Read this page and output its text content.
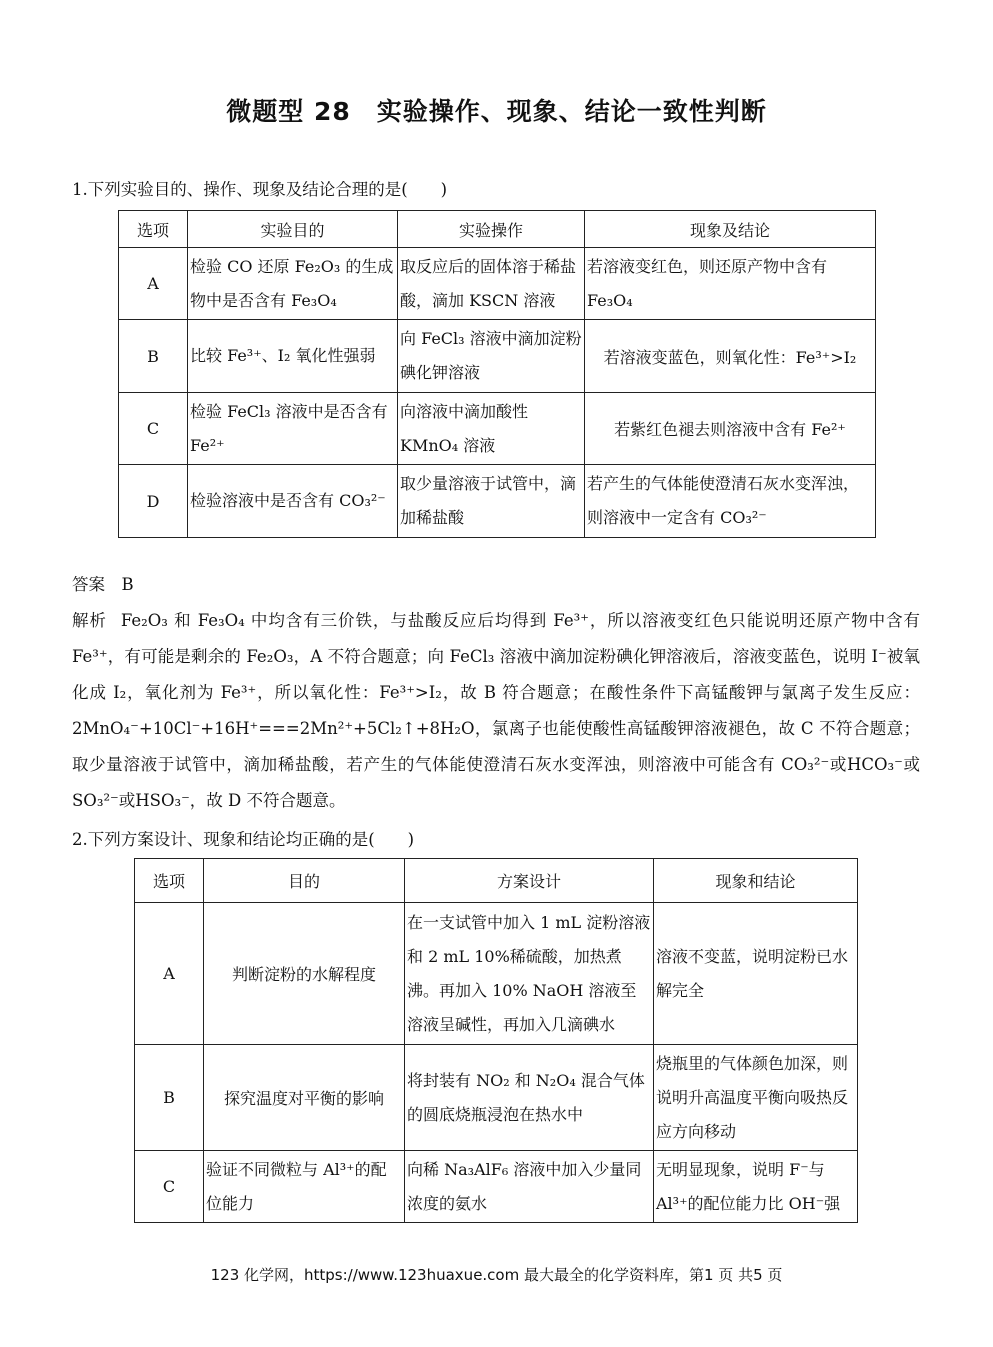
微题型 28　实验操作、现象、结论一致性判断
1.下列实验目的、操作、现象及结论合理的是(　　)
选项	实验目的	实验操作	现象及结论
A	检验 CO 还原 Fe₂O₃ 的生成物中是否含有 Fe₃O₄	取反应后的固体溶于稀盐酸，滴加 KSCN 溶液	若溶液变红色，则还原产物中含有 Fe₃O₄
B	比较 Fe³⁺、I₂ 氧化性强弱	向 FeCl₃ 溶液中滴加淀粉碘化钾溶液	若溶液变蓝色，则氧化性：Fe³⁺>I₂
C	检验 FeCl₃ 溶液中是否含有 Fe²⁺	向溶液中滴加酸性 KMnO₄ 溶液	若紫红色褪去则溶液中含有 Fe²⁺
D	检验溶液中是否含有 CO₃²⁻	取少量溶液于试管中，滴加稀盐酸	若产生的气体能使澄清石灰水变浑浊，则溶液中一定含有 CO₃²⁻
答案　B
解析 Fe₂O₃ 和 Fe₃O₄ 中均含有三价铁，与盐酸反应后均得到 Fe³⁺，所以溶液变红色只能说明还原产物中含有 Fe³⁺，有可能是剩余的 Fe₂O₃，A 不符合题意；向 FeCl₃ 溶液中滴加淀粉碘化钾溶液后，溶液变蓝色，说明 I⁻被氧化成 I₂，氧化剂为 Fe³⁺，所以氧化性：Fe³⁺>I₂，故 B 符合题意；在酸性条件下高锰酸钾与氯离子发生反应：2MnO₄⁻+10Cl⁻+16H⁺===2Mn²⁺+5Cl₂↑+8H₂O，氯离子也能使酸性高锰酸钾溶液褪色，故 C 不符合题意；取少量溶液于试管中，滴加稀盐酸，若产生的气体能使澄清石灰水变浑浊，则溶液中可能含有 CO₃²⁻或HCO₃⁻或SO₃²⁻或HSO₃⁻，故 D 不符合题意。
2.下列方案设计、现象和结论均正确的是(　　)
选项	目的	方案设计	现象和结论
A	判断淀粉的水解程度	在一支试管中加入 1 mL 淀粉溶液和 2 mL 10%稀硫酸，加热煮沸。再加入 10% NaOH 溶液至溶液呈碱性，再加入几滴碘水	溶液不变蓝，说明淀粉已水解完全
B	探究温度对平衡的影响	将封装有 NO₂ 和 N₂O₄ 混合气体的圆底烧瓶浸泡在热水中	烧瓶里的气体颜色加深，则说明升高温度平衡向吸热反应方向移动
C	验证不同微粒与 Al³⁺的配位能力	向稀 Na₃AlF₆ 溶液中加入少量同浓度的氨水	无明显现象，说明 F⁻与 Al³⁺的配位能力比 OH⁻强
123 化学网，https://www.123huaxue.com 最大最全的化学资料库，第1 页 共5 页
